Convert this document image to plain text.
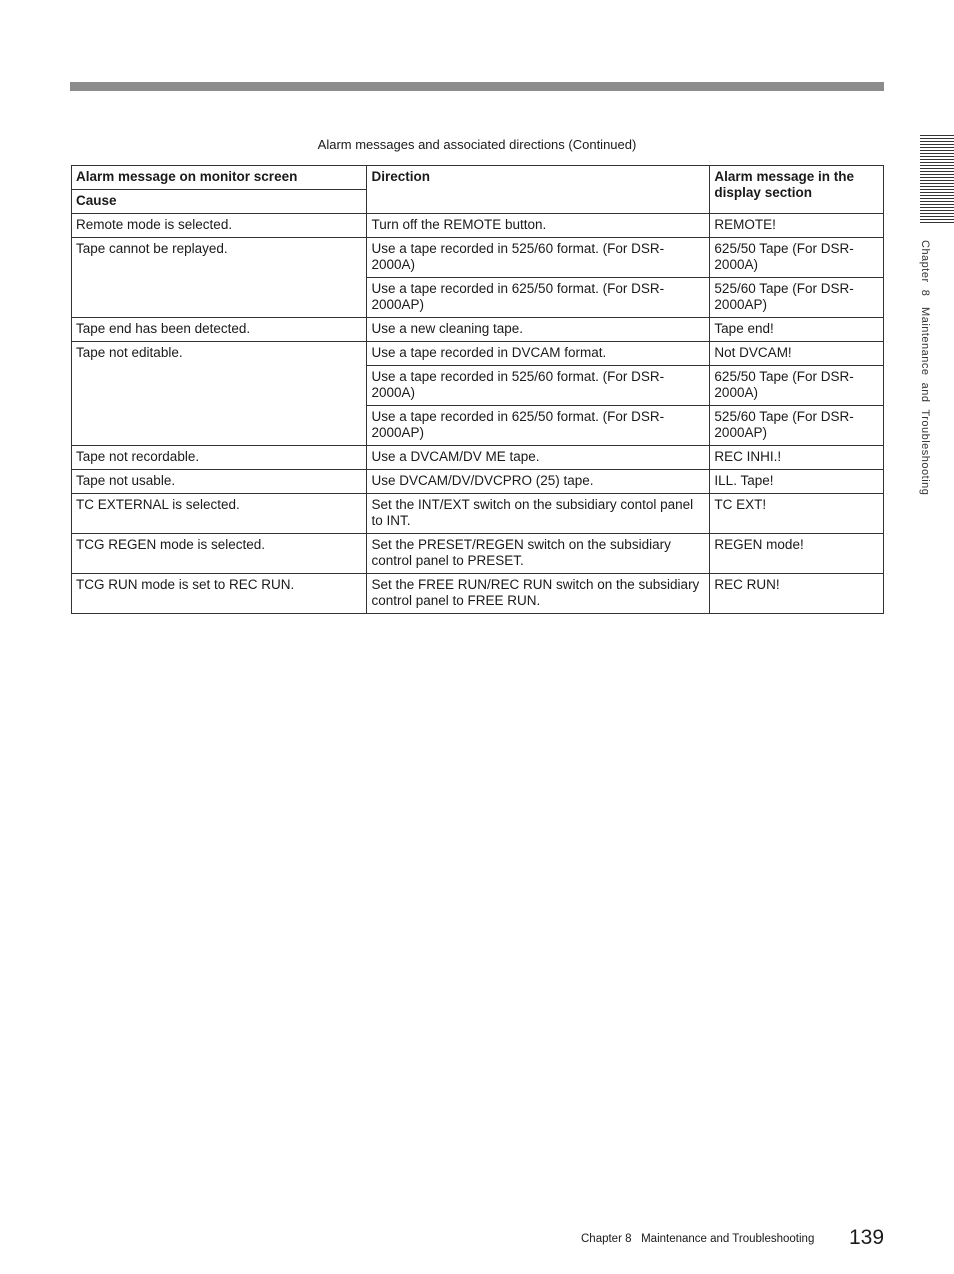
Alarm messages and associated directions (Continued)
Alarm message on monitor screen	Direction	Alarm message in the display section
Cause		
Remote mode is selected.	Turn off the REMOTE button.	REMOTE!
Tape cannot be replayed.	Use a tape recorded in 525/60 format. (For DSR-2000A)	625/50 Tape (For DSR-2000A)
	Use a tape recorded in 625/50 format. (For DSR-2000AP)	525/60 Tape (For DSR-2000AP)
Tape end has been detected.	Use a new cleaning tape.	Tape end!
Tape not editable.	Use a tape recorded in DVCAM format.	Not DVCAM!
	Use a tape recorded in 525/60 format. (For DSR-2000A)	625/50 Tape (For DSR-2000A)
	Use a tape recorded in 625/50 format. (For DSR-2000AP)	525/60 Tape (For DSR-2000AP)
Tape not recordable.	Use a DVCAM/DV ME tape.	REC INHI.!
Tape not usable.	Use DVCAM/DV/DVCPRO (25) tape.	ILL. Tape!
TC EXTERNAL is selected.	Set the INT/EXT switch on the subsidiary contol panel to INT.	TC EXT!
TCG REGEN mode is selected.	Set the PRESET/REGEN switch on the subsidiary control panel to PRESET.	REGEN mode!
TCG RUN mode is set to REC RUN.	Set the FREE RUN/REC RUN switch on the subsidiary control panel to FREE RUN.	REC RUN!
Chapter  8   Maintenance  and  Troubleshooting
Chapter 8   Maintenance and Troubleshooting 139
